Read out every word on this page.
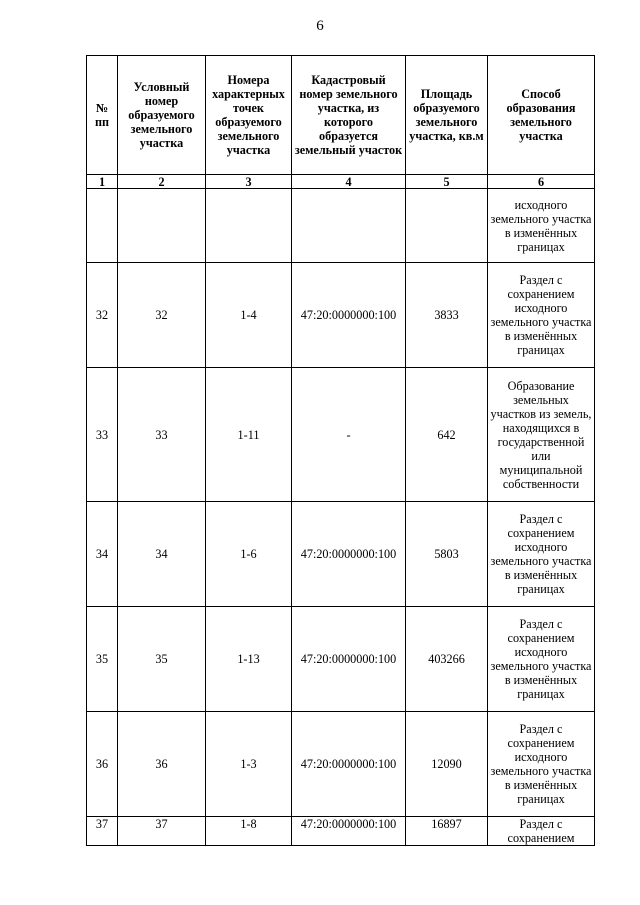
6
№ пп	Условный номер образуемого земельного участка	Номера характерных точек образуемого земельного участка	Кадастровый номер земельного участка, из которого образуется земельный участок	Площадь образуемого земельного участка, кв.м	Способ образования земельного участка
1	2	3	4	5	6
					исходного земельного участка в изменённых границах
32	32	1-4	47:20:0000000:100	3833	Раздел с сохранением исходного земельного участка в изменённых границах
33	33	1-11	-	642	Образование земельных участков из земель, находящихся в государственной или муниципальной собственности
34	34	1-6	47:20:0000000:100	5803	Раздел с сохранением исходного земельного участка в изменённых границах
35	35	1-13	47:20:0000000:100	403266	Раздел с сохранением исходного земельного участка в изменённых границах
36	36	1-3	47:20:0000000:100	12090	Раздел с сохранением исходного земельного участка в изменённых границах
37	37	1-8	47:20:0000000:100	16897	Раздел с сохранением
